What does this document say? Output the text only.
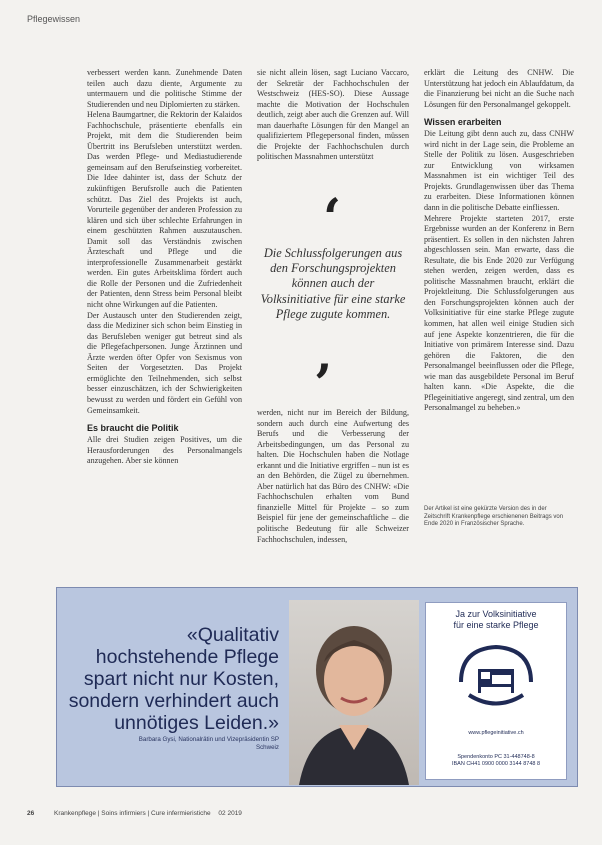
Pflegewissen

verbessert werden kann. Zunehmende Daten teilen auch dazu diente, Argumente zu untermauern und die politische Stimme der Studierenden und neu Diplomierten zu stärken.

Helena Baumgartner, die Rektorin der Kalaidos Fachhochschule, präsentierte ebenfalls ein Projekt, mit dem die Studierenden beim Übertritt ins Berufsleben unterstützt werden. Das werden Pflege- und Mediastudierende gemeinsam auf den Berufseinstieg vorbereitet. Die Idee dahinter ist, dass der Schutz der zukünftigen Berufsrolle auch die Patienten schützt. Das Ziel des Projekts ist auch, Vorurteile gegenüber der anderen Profession zu klären und sich über schlechte Erfahrungen in einem geschützten Rahmen auszutauschen. Damit soll das Verständnis zwischen Ärzteschaft und Pflege und die interprofessionelle Zusammenarbeit gestärkt werden. Ein gutes Arbeitsklima fördert auch die Rolle der Personen und die Zufriedenheit der Patienten, denn Stress beim Personal bleibt nicht ohne Wirkungen auf die Patienten.

Der Austausch unter den Studierenden zeigt, dass die Mediziner sich schon beim Einstieg in das Berufsleben weniger gut betreut sind als die Pflegefachpersonen. Junge Ärztinnen und Ärzte werden öfter Opfer von Sexismus von Seiten der Vorgesetzten. Das Projekt ermöglichte den Teilnehmenden, sich selbst besser einzuschätzen, ich der Schwierigkeiten bewusst zu werden und fördert ein Gefühl von Gemeinsamkeit.

Es braucht die Politik

Alle drei Studien zeigen Positives, um die Herausforderungen des Personalmangels anzugehen. Aber sie können

sie nicht allein lösen, sagt Luciano Vaccaro, der Sekretär der Fachhochschulen der Westschweiz (HES-SO). Diese Aussage machte die Motivation der Hochschulen deutlich, zeigt aber auch die Grenzen auf. Will man dauerhafte Lösungen für den Mangel an qualifiziertem Pflegepersonal finden, müssen die Projekte der Fachhochschulen durch politischen Massnahmen unterstützt

‘
Die Schlussfolgerungen aus den Forschungsprojekten können auch der Volksinitiative für eine starke Pflege zugute kommen.
’

werden, nicht nur im Bereich der Bildung, sondern auch durch eine Aufwertung des Berufs und die Verbesserung der Arbeitsbedingungen, um das Personal zu halten. Die Hochschulen haben die Notlage erkannt und die Initiative ergriffen – nun ist es an den Behörden, die Zügel zu übernehmen. Aber natürlich hat das Büro des CNHW: «Die Fachhochschulen erhalten vom Bund finanzielle Mittel für Projekte – so zum Beispiel für jene der gemeinschaftliche – die politische Bedeutung für alle Schweizer Fachhochschulen, indessen,

erklärt die Leitung des CNHW. Die Unterstützung hat jedoch ein Ablaufdatum, da die Finanzierung bei nicht an die Suche nach Lösungen für den Personalmangel gekoppelt.

Wissen erarbeiten

Die Leitung gibt denn auch zu, dass CNHW wird nicht in der Lage sein, die Probleme an Stelle der Politik zu lösen. Ausgeschrieben zur Entwicklung von wirksamen Massnahmen ist ein wichtiger Teil des Projekts. Grundlagenwissen über das Thema zu erarbeiten. Diese Informationen können dann in die politische Debatte einfliessen.

Mehrere Projekte starteten 2017, erste Ergebnisse wurden an der Konferenz in Bern präsentiert. Es sollen in den nächsten Jahren abgeschlossen sein. Man erwarte, dass die Resultate, die bis Ende 2020 zur Verfügung stehen werden, zeigen werden, dass es politische Massnahmen braucht, erklärt die Projektleitung. Die Schlussfolgerungen aus den Forschungsprojekten können auch der Volksinitiative für eine starke Pflege zugute kommen, hat allen weil einige Studien sich auf jene Aspekte konzentrieren, die für die Initiative von primärem Interesse sind. Dazu gehören die Faktoren, die den Personalmangel beeinflussen oder die Pflege, wie man das ausgebildete Personal im Beruf halten kann. «Die Aspekte, die die Pflegeinitiative angeregt, sind zentral, um den Personalmangel zu beheben.»

Der Artikel ist eine gekürzte Version des in der Zeitschrift Krankenpflege erschienenen Beitrags von Ende 2020 in Französischer Sprache.
«Qualitativ hochstehende Pflege spart nicht nur Kosten, sondern verhindert auch unnötiges Leiden.»
Barbara Gysi, Nationalrätin und Vizepräsidentin SP Schweiz
Ja zur Volksinitiative
für eine starke Pflege
www.pflegeinitiative.ch
Spendenkonto PC 31-448748-8
IBAN CH41 0900 0000 3144 8748 8
26	Krankenpflege | Soins infirmiers | Cure infermieristiche 02 2019
